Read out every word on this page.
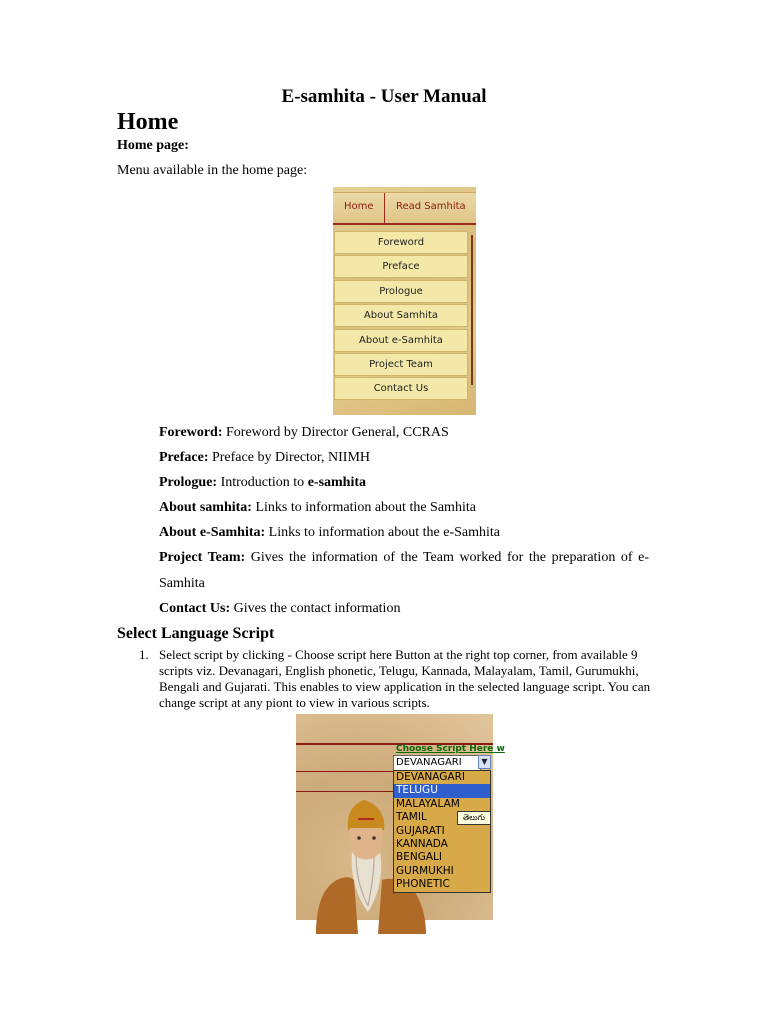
E-samhita - User Manual
Home
Home page:
Menu available in the home page:
Home Read Samhita
Foreword
Preface
Prologue
About Samhita
About e-Samhita
Project Team
Contact Us
Foreword: Foreword by Director General, CCRAS
Preface: Preface by Director, NIIMH
Prologue: Introduction to e-samhita
About samhita: Links to information about the Samhita
About e-Samhita: Links to information about the e-Samhita
Project Team: Gives the information of the Team worked for the preparation of e-Samhita
Contact Us: Gives the contact information
Select Language Script
1. Select script by clicking - Choose script here Button at the right top corner, from available 9 scripts viz. Devanagari, English phonetic, Telugu, Kannada, Malayalam, Tamil, Gurumukhi, Bengali and Gujarati. This enables to view application in the selected language script. You can change script at any piont to view in various scripts.
Choose Script Here w
DEVANAGARI	▼
DEVANAGARI
TELUGU
MALAYALAM
TAMIL
GUJARATI
KANNADA
BENGALI
GURMUKHI
PHONETIC
తెలుగు
